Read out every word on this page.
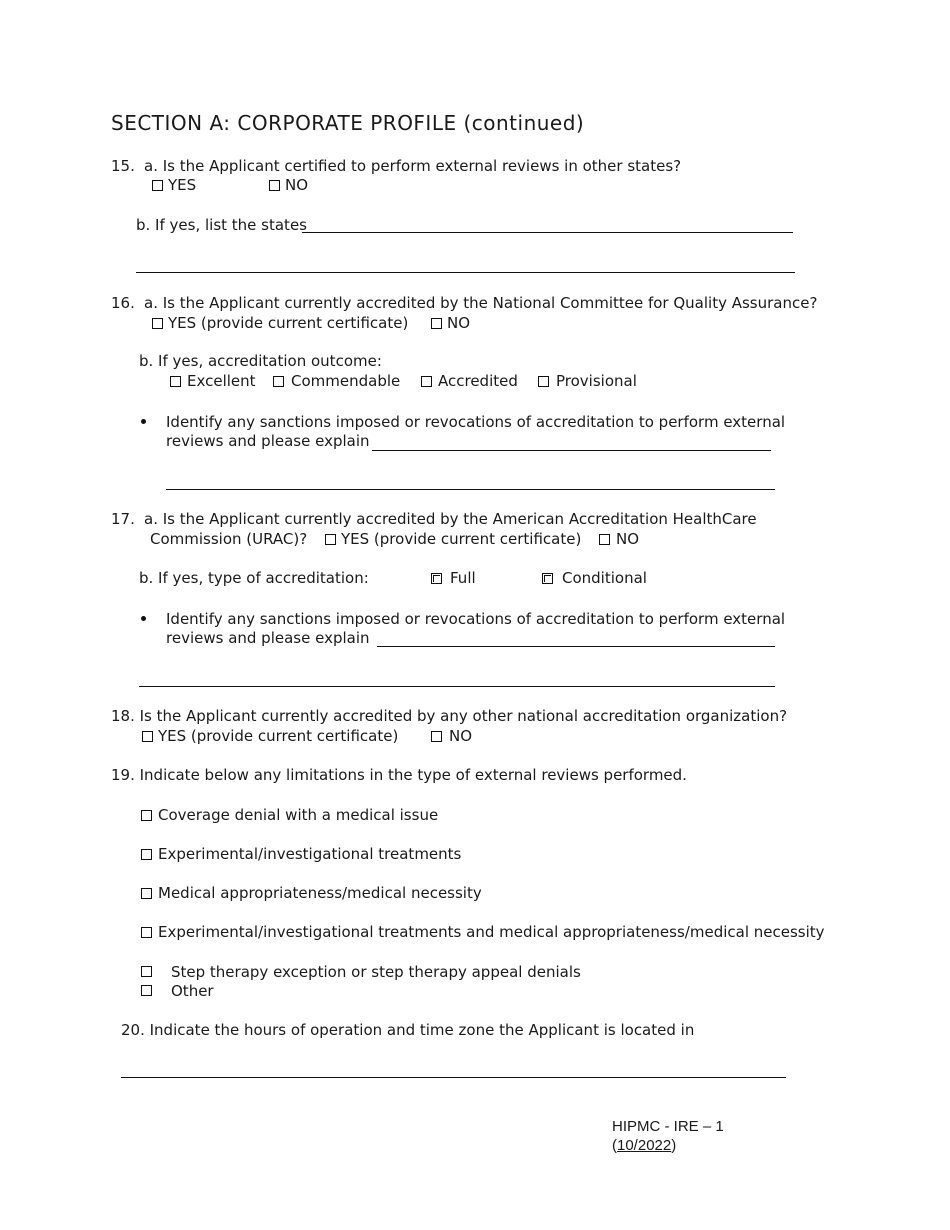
SECTION A: CORPORATE PROFILE (continued)
15. a. Is the Applicant certified to perform external reviews in other states?
YES	NO
b. If yes, list the states
16. a. Is the Applicant currently accredited by the National Committee for Quality Assurance?
YES (provide current certificate)	NO
b. If yes, accreditation outcome:
Excellent Commendable	Accredited	Provisional
Identify any sanctions imposed or revocations of accreditation to perform external
reviews and please explain
17. a. Is the Applicant currently accredited by the American Accreditation HealthCare
Commission (URAC)? YES (provide current certificate) NO
b. If yes, type of accreditation:	Full	Conditional
Identify any sanctions imposed or revocations of accreditation to perform external
reviews and please explain
18. Is the Applicant currently accredited by any other national accreditation organization?
YES (provide current certificate)	NO
19. Indicate below any limitations in the type of external reviews performed.
Coverage denial with a medical issue
Experimental/investigational treatments
Medical appropriateness/medical necessity
Experimental/investigational treatments and medical appropriateness/medical necessity
Step therapy exception or step therapy appeal denials
Other
20. Indicate the hours of operation and time zone the Applicant is located in
HIPMC - IRE – 1
(10/2022)
